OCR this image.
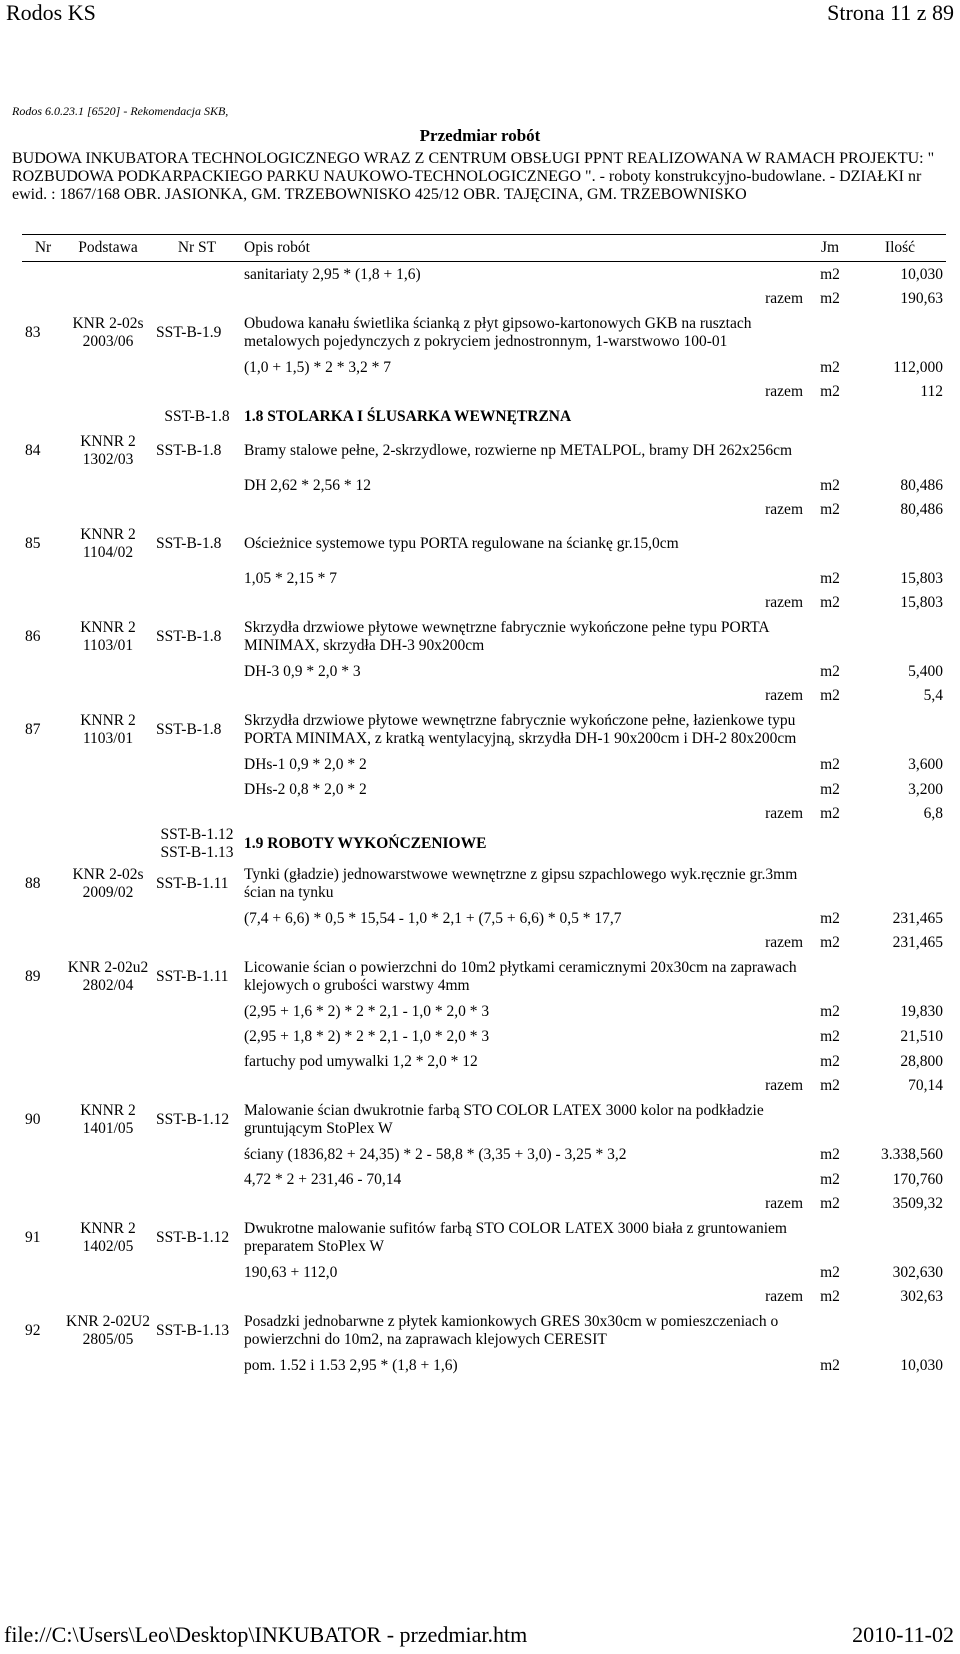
Rodos KS	Strona 11 z 89
Rodos 6.0.23.1 [6520] - Rekomendacja SKB,
Przedmiar robót
BUDOWA INKUBATORA TECHNOLOGICZNEGO WRAZ Z CENTRUM OBSŁUGI PPNT REALIZOWANA W RAMACH PROJEKTU: " ROZBUDOWA PODKARPACKIEGO PARKU NAUKOWO-TECHNOLOGICZNEGO ". - roboty konstrukcyjno-budowlane. - DZIAŁKI nr ewid. : 1867/168 OBR. JASIONKA, GM. TRZEBOWNISKO 425/12 OBR. TAJĘCINA, GM. TRZEBOWNISKO
Nr	Podstawa	Nr ST	Opis robót	Jm	Ilość
			sanitariaty 2,95 * (1,8 + 1,6)	m2	10,030
			razem	m2	190,63
83	KNR 2-02s 2003/06	SST-B-1.9	Obudowa kanału świetlika ścianką z płyt gipsowo-kartonowych GKB na rusztach metalowych pojedynczych z pokryciem jednostronnym, 1-warstwowo 100-01		
			(1,0 + 1,5) * 2 * 3,2 * 7	m2	112,000
			razem	m2	112
		SST-B-1.8	1.8 STOLARKA I ŚLUSARKA WEWNĘTRZNA		
84	KNNR 2 1302/03	SST-B-1.8	Bramy stalowe pełne, 2-skrzydlowe, rozwierne np METALPOL, bramy DH 262x256cm		
			DH 2,62 * 2,56 * 12	m2	80,486
			razem	m2	80,486
85	KNNR 2 1104/02	SST-B-1.8	Ościeżnice systemowe typu PORTA regulowane na ściankę gr.15,0cm		
			1,05 * 2,15 * 7	m2	15,803
			razem	m2	15,803
86	KNNR 2 1103/01	SST-B-1.8	Skrzydła drzwiowe płytowe wewnętrzne fabrycznie wykończone pełne typu PORTA MINIMAX, skrzydła DH-3 90x200cm		
			DH-3 0,9 * 2,0 * 3	m2	5,400
			razem	m2	5,4
87	KNNR 2 1103/01	SST-B-1.8	Skrzydła drzwiowe płytowe wewnętrzne fabrycznie wykończone pełne, łazienkowe typu PORTA MINIMAX, z kratką wentylacyjną, skrzydła DH-1 90x200cm i DH-2 80x200cm		
			DHs-1 0,9 * 2,0 * 2	m2	3,600
			DHs-2 0,8 * 2,0 * 2	m2	3,200
			razem	m2	6,8
		SST-B-1.12 SST-B-1.13	1.9 ROBOTY WYKOŃCZENIOWE		
88	KNR 2-02s 2009/02	SST-B-1.11	Tynki (gładzie) jednowarstwowe wewnętrzne z gipsu szpachlowego wyk.ręcznie gr.3mm ścian na tynku		
			(7,4 + 6,6) * 0,5 * 15,54 - 1,0 * 2,1 + (7,5 + 6,6) * 0,5 * 17,7	m2	231,465
			razem	m2	231,465
89	KNR 2-02u2 2802/04	SST-B-1.11	Licowanie ścian o powierzchni do 10m2 płytkami ceramicznymi 20x30cm na zaprawach klejowych o grubości warstwy 4mm		
			(2,95 + 1,6 * 2) * 2 * 2,1 - 1,0 * 2,0 * 3	m2	19,830
			(2,95 + 1,8 * 2) * 2 * 2,1 - 1,0 * 2,0 * 3	m2	21,510
			fartuchy pod umywalki 1,2 * 2,0 * 12	m2	28,800
			razem	m2	70,14
90	KNNR 2 1401/05	SST-B-1.12	Malowanie ścian dwukrotnie farbą STO COLOR LATEX 3000 kolor na podkładzie gruntującym StoPlex W		
			ściany (1836,82 + 24,35) * 2 - 58,8 * (3,35 + 3,0) - 3,25 * 3,2	m2	3.338,560
			4,72 * 2 + 231,46 - 70,14	m2	170,760
			razem	m2	3509,32
91	KNNR 2 1402/05	SST-B-1.12	Dwukrotne malowanie sufitów farbą STO COLOR LATEX 3000 biała z gruntowaniem preparatem StoPlex W		
			190,63 + 112,0	m2	302,630
			razem	m2	302,63
92	KNR 2-02U2 2805/05	SST-B-1.13	Posadzki jednobarwne z płytek kamionkowych GRES 30x30cm w pomieszczeniach o powierzchni do 10m2, na zaprawach klejowych CERESIT		
			pom. 1.52 i 1.53 2,95 * (1,8 + 1,6)	m2	10,030
file://C:\Users\Leo\Desktop\INKUBATOR - przedmiar.htm	2010-11-02
